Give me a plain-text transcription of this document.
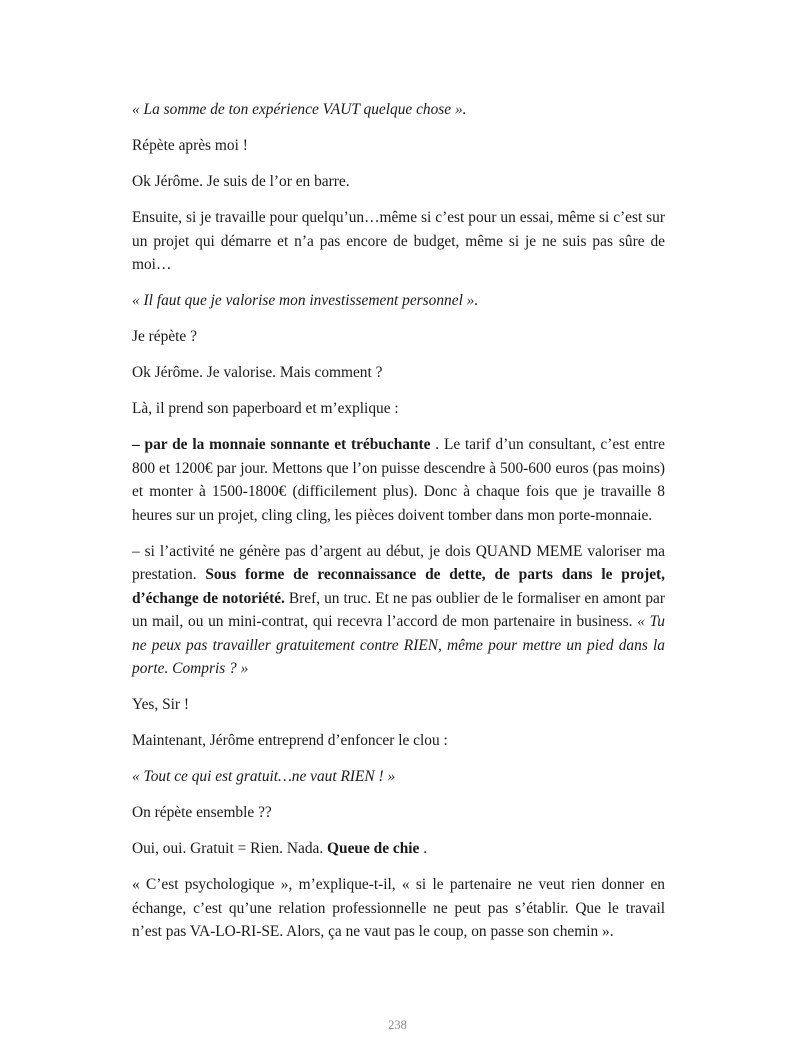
« La somme de ton expérience VAUT quelque chose ».

Répète après moi !

Ok Jérôme. Je suis de l’or en barre.

Ensuite, si je travaille pour quelqu’un…même si c’est pour un essai, même si c’est sur un projet qui démarre et n’a pas encore de budget, même si je ne suis pas sûre de moi…

« Il faut que je valorise mon investissement personnel ».

Je répète ?

Ok Jérôme. Je valorise. Mais comment ?

Là, il prend son paperboard et m’explique :

– par de la monnaie sonnante et trébuchante . Le tarif d’un consultant, c’est entre 800 et 1200€ par jour. Mettons que l’on puisse descendre à 500-600 euros (pas moins) et monter à 1500-1800€ (difficilement plus). Donc à chaque fois que je travaille 8 heures sur un projet, cling cling, les pièces doivent tomber dans mon porte-monnaie.

– si l’activité ne génère pas d’argent au début, je dois QUAND MEME valoriser ma prestation. Sous forme de reconnaissance de dette, de parts dans le projet, d’échange de notoriété. Bref, un truc. Et ne pas oublier de le formaliser en amont par un mail, ou un mini-contrat, qui recevra l’accord de mon partenaire in business. « Tu ne peux pas travailler gratuitement contre RIEN, même pour mettre un pied dans la porte. Compris ? »

Yes, Sir !

Maintenant, Jérôme entreprend d’enfoncer le clou :

« Tout ce qui est gratuit…ne vaut RIEN ! »

On répète ensemble ??

Oui, oui. Gratuit = Rien. Nada. Queue de chie .

« C’est psychologique », m’explique-t-il, « si le partenaire ne veut rien donner en échange, c’est qu’une relation professionnelle ne peut pas s’établir. Que le travail n’est pas VA-LO-RI-SE. Alors, ça ne vaut pas le coup, on passe son chemin ».

238
